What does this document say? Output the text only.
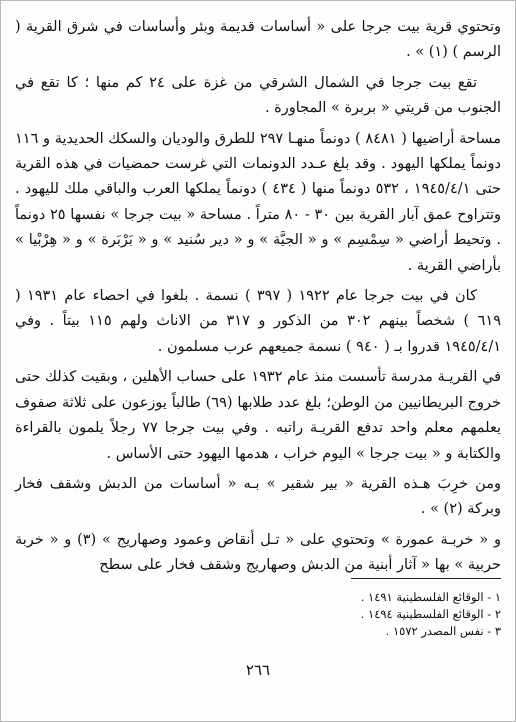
وتحتوي قرية بيت جرجا على « أساسات قديمة وبئر وأساسات في شرق القرية ( الرسم ) (١) » .

تقع بيت جرجا في الشمال الشرقي من غزة على ٢٤ كم منها ؛ كا تقع في الجنوب من قريتي « بربرة » المجاورة .

مساحة أراضيها ( ٨٤٨١ ) دونماً منهـا ٢٩٧ للطرق والوديان والسكك الحديدية و ١١٦ دونماً يملكها اليهود . وقد بلغ عـدد الدونمات التي غرست حمضيات في هذه القرية حتى ١٩٤٥/٤/١ ، ٥٣٢ دونماً منها ( ٤٣٤ ) دونماً يملكها العرب والباقي ملك لليهود . وتتراوح عمق آبار القرية بين ٣٠ - ٨٠ متراً . مساحة « بيت جرجا » نفسها ٢٥ دونماً . وتحيط أراضي « سِمْسِم » و « الجيَّة » و « دير سُنيد » و « بَرْبَرة » و « هِرْبْيا » بأراضي القرية .

كان في بيت جرجا عام ١٩٢٢ ( ٣٩٧ ) نسمة . بلغوا في احصاء عام ١٩٣١ ( ٦١٩ ) شخصاً بينهم ٣٠٢ من الذكور و ٣١٧ من الاناث ولهم ١١٥ بيتاً . وفي ١٩٤٥/٤/١ قدروا بـ ( ٩٤٠ ) نسمة جميعهم عرب مسلمون .

في القريـة مدرسة تأسست منذ عام ١٩٣٢ على حساب الأهلين ، وبقيت كذلك حتى خروج البريطانيين من الوطن؛ بلغ عدد طلابها (٦٩) طالباً يوزعون على ثلاثة صفوف يعلمهم معلم واحد تدفع القريـة راتبه . وفي بيت جرجا ٧٧ رجلاً يلمون بالقراءة والكتابة و « بيت جرجا » اليوم خراب ، هدمها اليهود حتى الأساس .

ومن خرِبَ هـذه القرية « بير شقير » بـه « أساسات من الدبش وشقف فخار وبركة (٢) » .

و « خربـة عمورة » وتحتوي على « تـل أنقاض وعمود وصهاريج » (٣) و « خربة حربية » بها « آثار أبنية من الدبش وصهاريج وشقف فخار على سطح

١ - الوقائع الفلسطينية ١٤٩١ .
٢ - الوقائع الفلسطينية ١٤٩٤ .
٣ - نفس المصدر ١٥٧٢ .
٢٦٦
